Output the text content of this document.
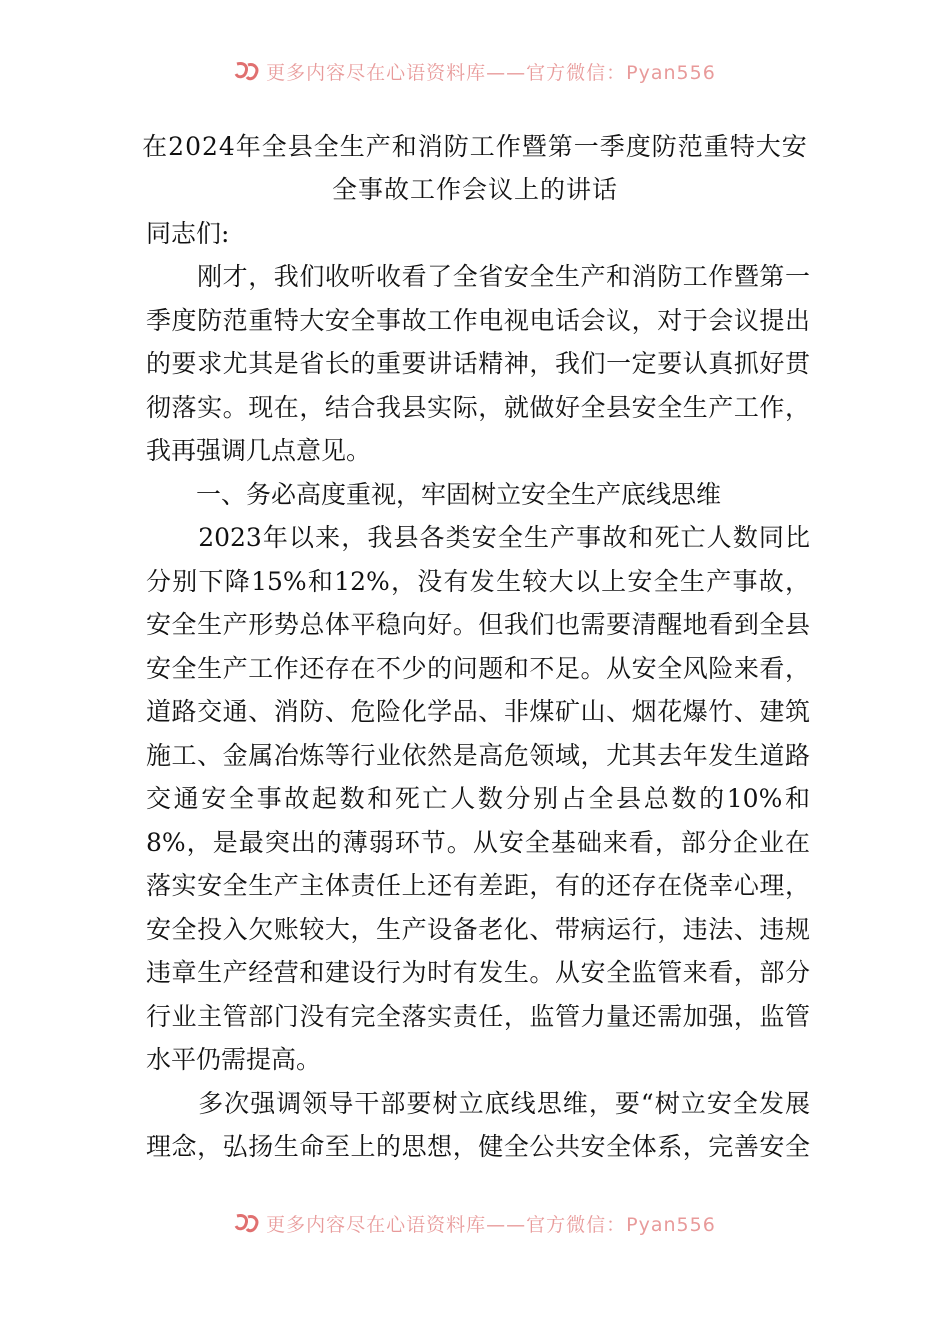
更多内容尽在心语资料库——官方微信：Pyan556
在2024年全县全生产和消防工作暨第一季度防范重特大安
全事故工作会议上的讲话
同志们:
　　刚才，我们收听收看了全省安全生产和消防工作暨第一
季度防范重特大安全事故工作电视电话会议，对于会议提出
的要求尤其是省长的重要讲话精神，我们一定要认真抓好贯
彻落实。现在，结合我县实际，就做好全县安全生产工作，
我再强调几点意见。
　　一、务必高度重视，牢固树立安全生产底线思维
　　2023年以来，我县各类安全生产事故和死亡人数同比
分别下降15%和12%，没有发生较大以上安全生产事故，
安全生产形势总体平稳向好。但我们也需要清醒地看到全县
安全生产工作还存在不少的问题和不足。从安全风险来看，
道路交通、消防、危险化学品、非煤矿山、烟花爆竹、建筑
施工、金属冶炼等行业依然是高危领域，尤其去年发生道路
交通安全事故起数和死亡人数分别占全县总数的10%和
8%，是最突出的薄弱环节。从安全基础来看，部分企业在
落实安全生产主体责任上还有差距，有的还存在侥幸心理，
安全投入欠账较大，生产设备老化、带病运行，违法、违规
违章生产经营和建设行为时有发生。从安全监管来看，部分
行业主管部门没有完全落实责任，监管力量还需加强，监管
水平仍需提高。
　　多次强调领导干部要树立底线思维，要“树立安全发展
理念，弘扬生命至上的思想，健全公共安全体系，完善安全
更多内容尽在心语资料库——官方微信：Pyan556
